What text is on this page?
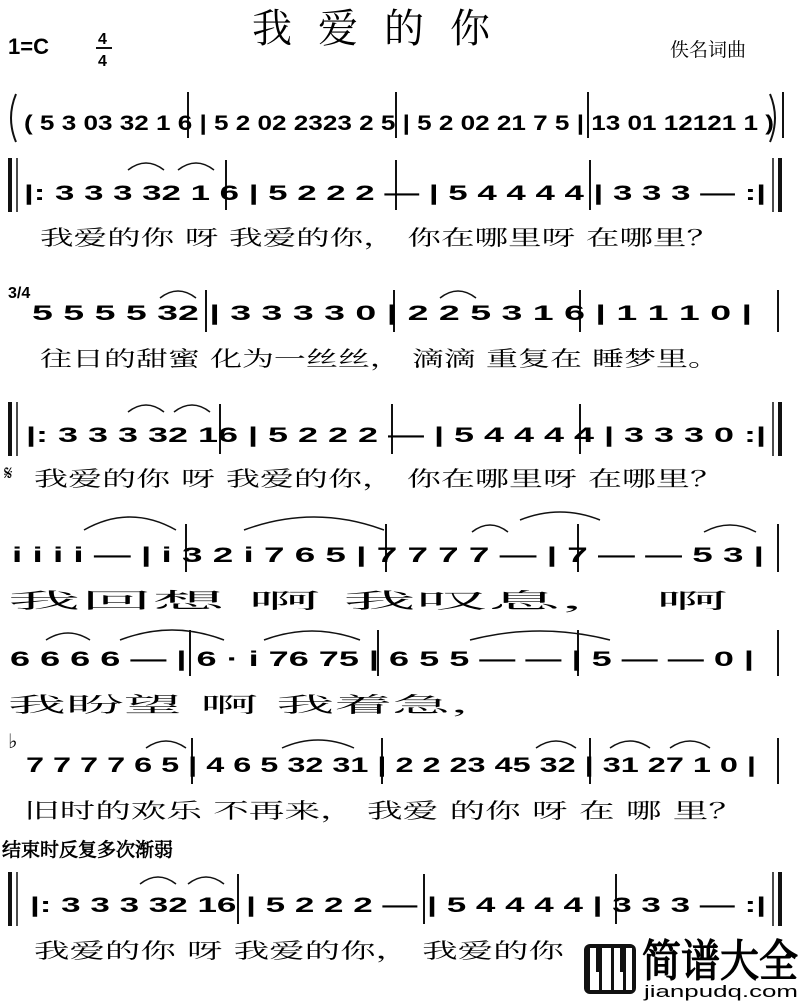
1=C	4
4
我爱的你	佚名词曲
( 5 3 03 32 1 6 | 5 2 02 2323 2 5 | 5 2 02 21 7 5 | 13 01 12121 1 )
|: 3 3 3 32 1 6 | 5 2 2 2 — | 5 4 4 4 4 | 3 3 3 — :|
我爱的你 呀 我爱的你， 你在哪里呀 在哪里？
3/4
5 5 5 5 32 | 3 3 3 3 0 | 2 2 5 3 1 6 | 1 1 1 0 |
往日的甜蜜 化为一丝丝， 滴滴 重复在 睡梦里。
|: 3 3 3 32 16 | 5 2 2 2 — | 5 4 4 4 4 | 3 3 3 0 :|
𝄋 我爱的你 呀 我爱的你， 你在哪里呀 在哪里？
i i i i — | i 3 2 i 7 6 5 | 7 7 7 7 — | 7 — — 5 3 |
我回想 啊 我叹息， 啊
6 6 6 6 — | 6 · i 76 75 | 6 5 5 — — | 5 — — 0 |
我盼望 啊 我着急，
♭
7 7 7 7 6 5 | 4 6 5 32 31 | 2 2 23 45 32 | 31 27 1 0 |
旧时的欢乐 不再来， 我爱 的你 呀 在 哪 里？
结束时反复多次渐弱
|: 3 3 3 32 16 | 5 2 2 2 — | 5 4 4 4 4 | 3 3 3 — :|
我爱的你 呀 我爱的你， 我爱的你	简谱大全
jianpudq.com
